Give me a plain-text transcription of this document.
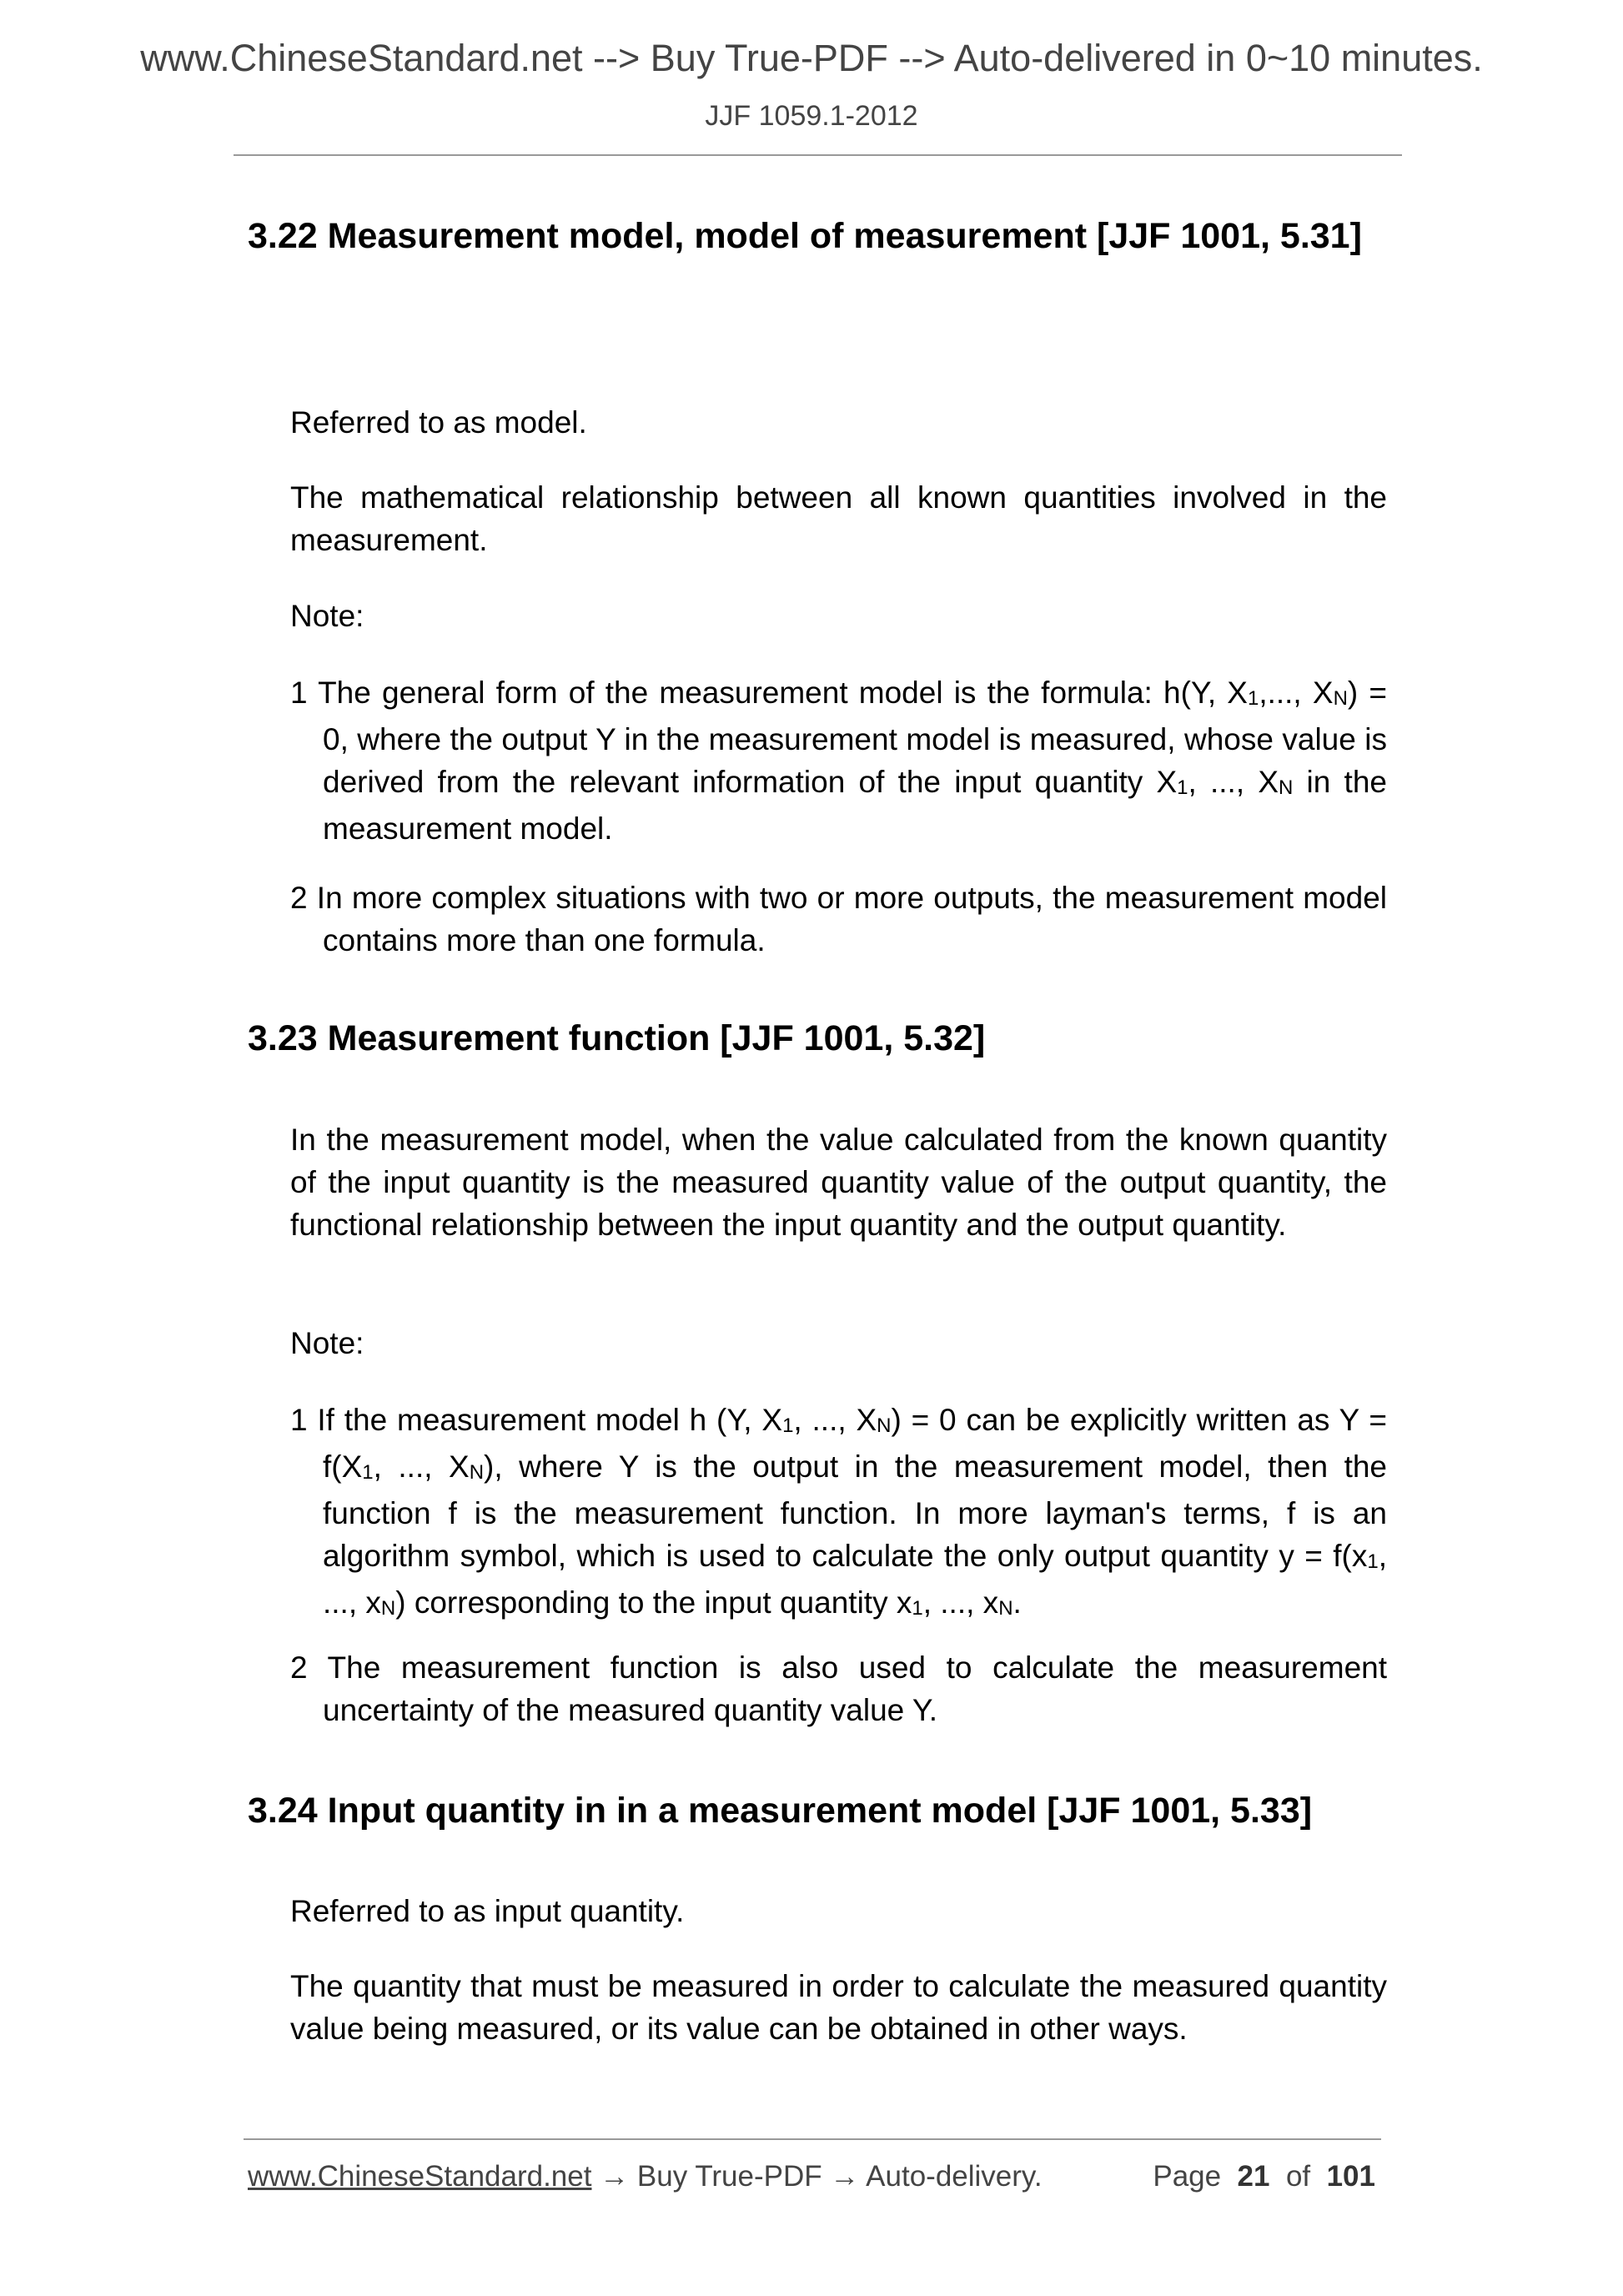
www.ChineseStandard.net --> Buy True-PDF --> Auto-delivered in 0~10 minutes.
JJF 1059.1-2012
3.22 Measurement model, model of measurement [JJF 1001, 5.31]
Referred to as model.
The mathematical relationship between all known quantities involved in the measurement.
Note:
1 The general form of the measurement model is the formula: h(Y, $X_1$,..., $X_N) = 0$, where the output Y in the measurement model is measured, whose value is derived from the relevant information of the input quantity $X_1$, ..., $X_N$ in the measurement model.
2 In more complex situations with two or more outputs, the measurement model contains more than one formula.
3.23 Measurement function [JJF 1001, 5.32]
In the measurement model, when the value calculated from the known quantity of the input quantity is the measured quantity value of the output quantity, the functional relationship between the input quantity and the output quantity.
Note:
1 If the measurement model h (Y, $X_1$, ..., $X_N) = 0$ can be explicitly written as $Y = f(X_1$, ..., $X_N$), where Y is the output in the measurement model, then the function f is the measurement function. In more layman's terms, f is an algorithm symbol, which is used to calculate the only output quantity $y = f(x_1$, ..., $x_N$) corresponding to the input quantity $x_1$, ..., $x_N$.
2 The measurement function is also used to calculate the measurement uncertainty of the measured quantity value Y.
3.24 Input quantity in in a measurement model [JJF 1001, 5.33]
Referred to as input quantity.
The quantity that must be measured in order to calculate the measured quantity value being measured, or its value can be obtained in other ways.
www.ChineseStandard.net → Buy True-PDF → Auto-delivery.	Page 21 of 101
